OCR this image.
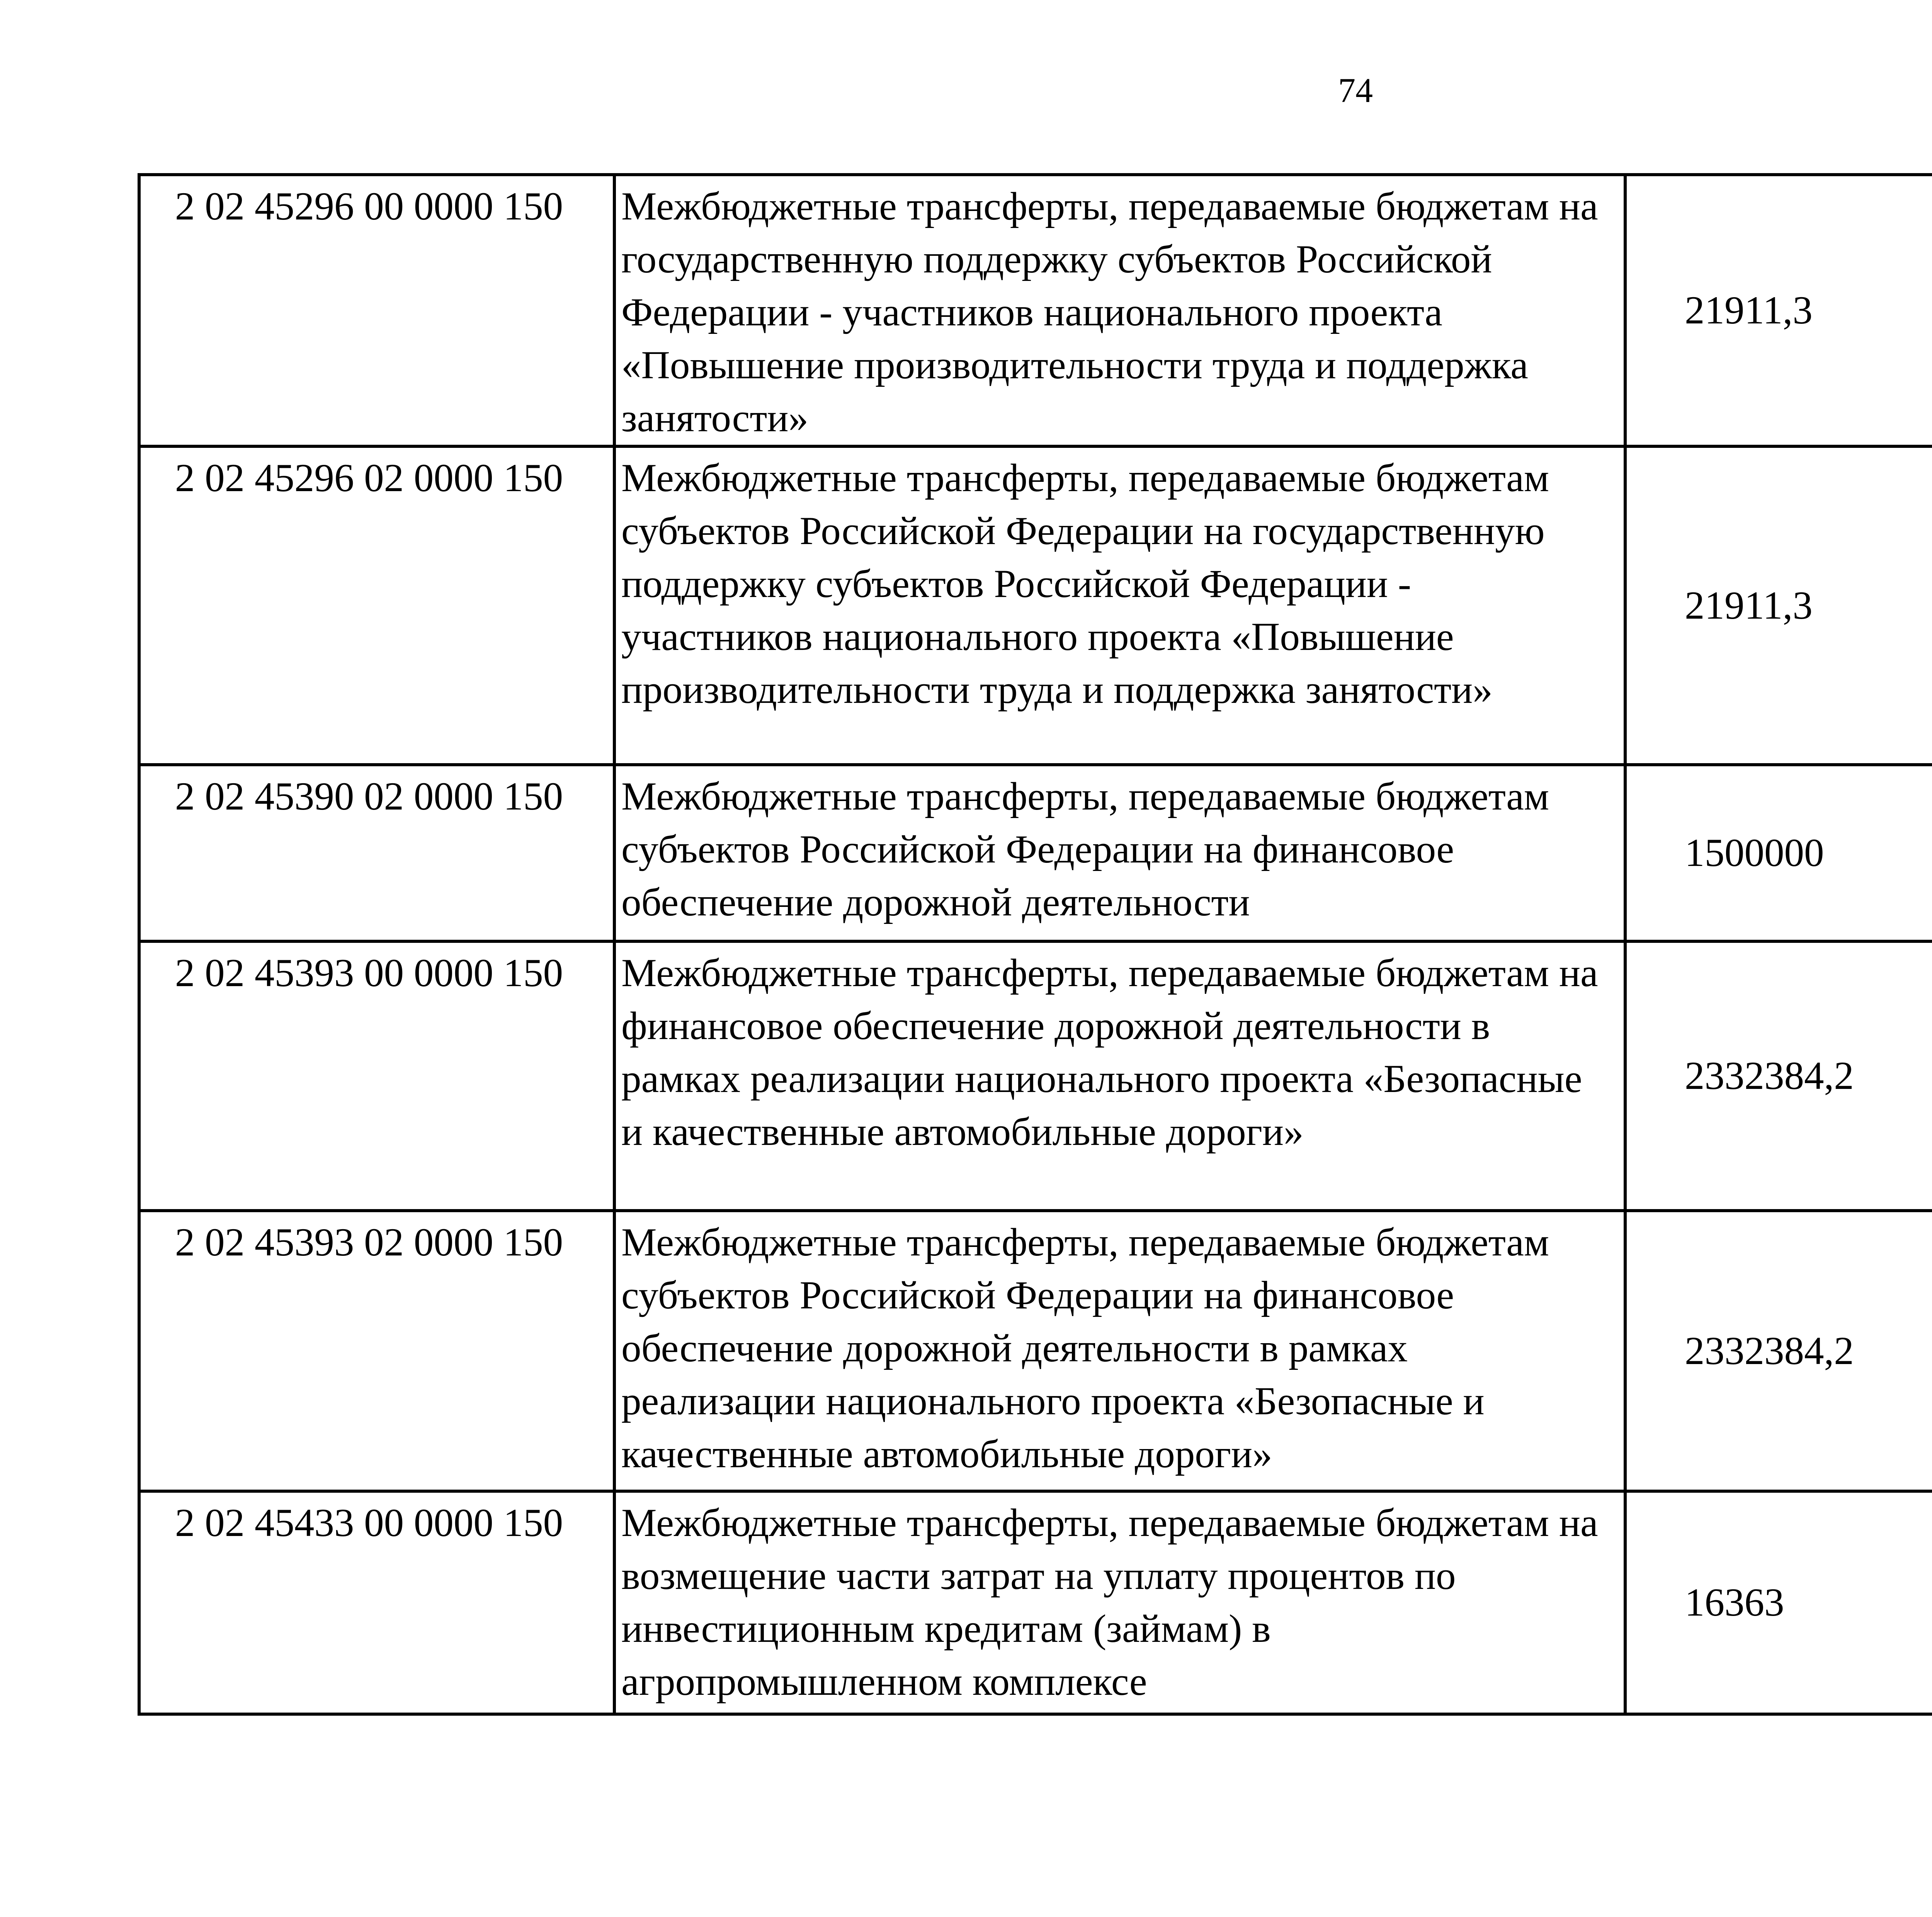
74
2 02 45296 00 0000 150	Межбюджетные трансферты, передаваемые бюджетам на государственную поддержку субъектов Российской Федерации - участников национального проекта «Повышение производительности труда и поддержка занятости»	21911,3		

2 02 45296 02 0000 150	Межбюджетные трансферты, передаваемые бюджетам субъектов Российской Федерации на государственную поддержку субъектов Российской Федерации - участников национального проекта «Повышение производительности труда и поддержка занятости»	21911,3		

2 02 45390 02 0000 150	Межбюджетные трансферты, передаваемые бюджетам субъектов Российской Федерации на финансовое обеспечение дорожной деятельности	1500000		

2 02 45393 00 0000 150	Межбюджетные трансферты, передаваемые бюджетам на финансовое обеспечение дорожной деятельности в рамках реализации национального проекта «Безопасные и качественные автомобильные дороги»	2332384,2

2 02 45393 02 0000 150	Межбюджетные трансферты, передаваемые бюджетам субъектов Российской Федерации на финансовое обеспечение дорожной деятельности в рамках реализации национального проекта «Безопасные и качественные автомобильные дороги»	2332384,2

2 02 45433 00 0000 150	Межбюджетные трансферты, передаваемые бюджетам на возмещение части затрат на уплату процентов по инвестиционным кредитам (займам) в агропромышленном комплексе	16363		
